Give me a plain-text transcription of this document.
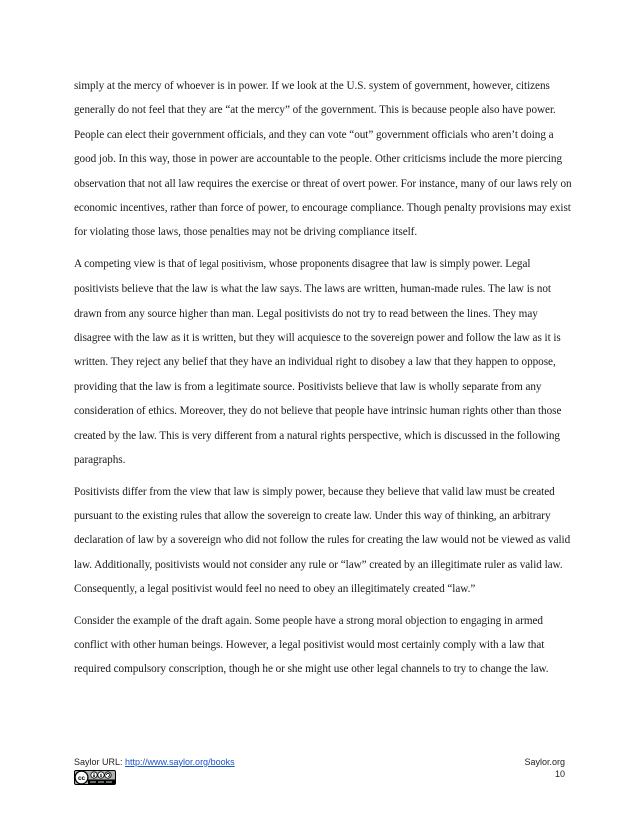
simply at the mercy of whoever is in power. If we look at the U.S. system of government, however, citizens generally do not feel that they are “at the mercy” of the government. This is because people also have power. People can elect their government officials, and they can vote “out” government officials who aren’t doing a good job. In this way, those in power are accountable to the people. Other criticisms include the more piercing observation that not all law requires the exercise or threat of overt power. For instance, many of our laws rely on economic incentives, rather than force of power, to encourage compliance. Though penalty provisions may exist for violating those laws, those penalties may not be driving compliance itself.

A competing view is that of legal positivism, whose proponents disagree that law is simply power. Legal positivists believe that the law is what the law says. The laws are written, human-made rules. The law is not drawn from any source higher than man. Legal positivists do not try to read between the lines. They may disagree with the law as it is written, but they will acquiesce to the sovereign power and follow the law as it is written. They reject any belief that they have an individual right to disobey a law that they happen to oppose, providing that the law is from a legitimate source. Positivists believe that law is wholly separate from any consideration of ethics. Moreover, they do not believe that people have intrinsic human rights other than those created by the law. This is very different from a natural rights perspective, which is discussed in the following paragraphs.

Positivists differ from the view that law is simply power, because they believe that valid law must be created pursuant to the existing rules that allow the sovereign to create law. Under this way of thinking, an arbitrary declaration of law by a sovereign who did not follow the rules for creating the law would not be viewed as valid law. Additionally, positivists would not consider any rule or “law” created by an illegitimate ruler as valid law. Consequently, a legal positivist would feel no need to obey an illegitimately created “law.”

Consider the example of the draft again. Some people have a strong moral objection to engaging in armed conflict with other human beings. However, a legal positivist would most certainly comply with a law that required compulsory conscription, though he or she might use other legal channels to try to change the law.

Saylor URL: http://www.saylor.org/books	Saylor.org
10
cc	$
